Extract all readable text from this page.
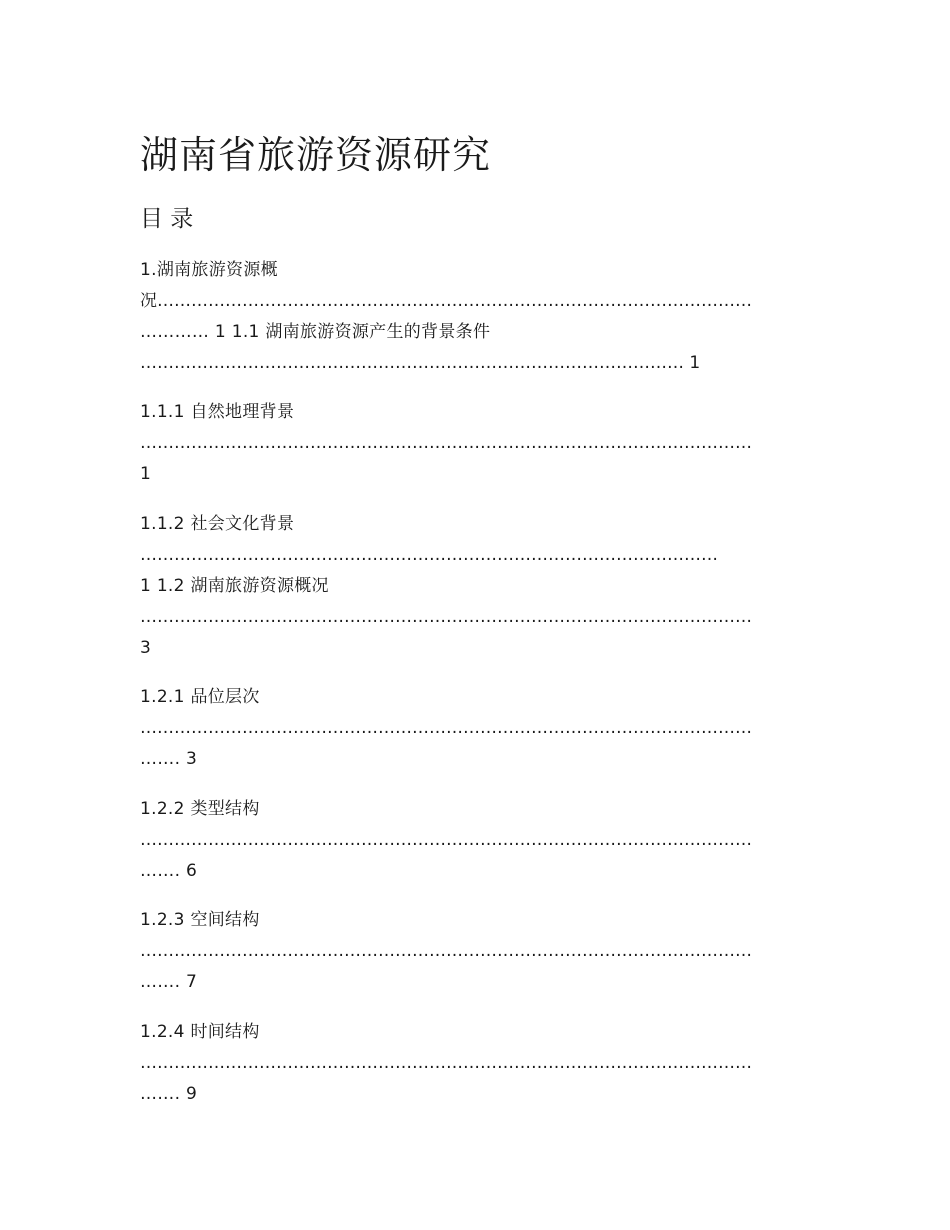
湖南省旅游资源研究
目 录
1.湖南旅游资源概
况……………………………………………………………………………………………
………… 1 1.1 湖南旅游资源产生的背景条件
…………………………………………………………………………………… 1
1.1.1 自然地理背景
………………………………………………………………………………………………
1
1.1.2 社会文化背景
…………………………………………………………………………………………
1 1.2 湖南旅游资源概况
………………………………………………………………………………………………
3
1.2.1 品位层次
………………………………………………………………………………………………
……. 3
1.2.2 类型结构
………………………………………………………………………………………………
……. 6
1.2.3 空间结构
………………………………………………………………………………………………
……. 7
1.2.4 时间结构
………………………………………………………………………………………………
……. 9
